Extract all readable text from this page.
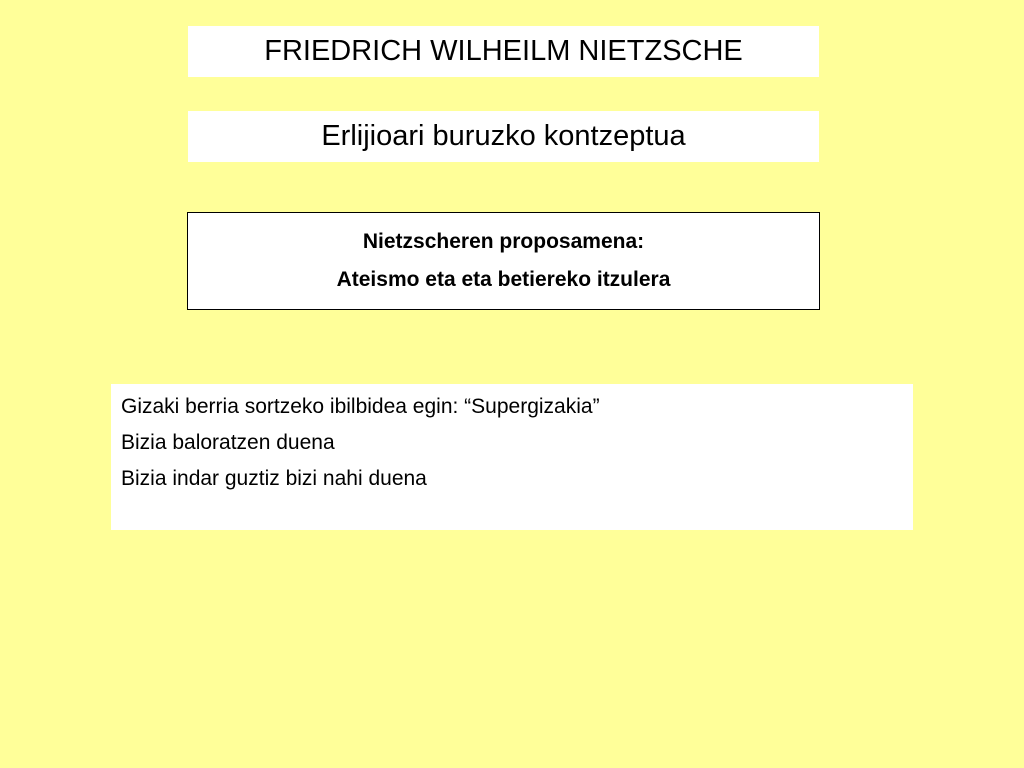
FRIEDRICH WILHEILM NIETZSCHE
Erlijioari buruzko kontzeptua
Nietzscheren proposamena:
Ateismo eta eta betiereko itzulera
Gizaki berria sortzeko ibilbidea egin: “Supergizakia”
Bizia baloratzen duena
Bizia indar guztiz bizi nahi duena
